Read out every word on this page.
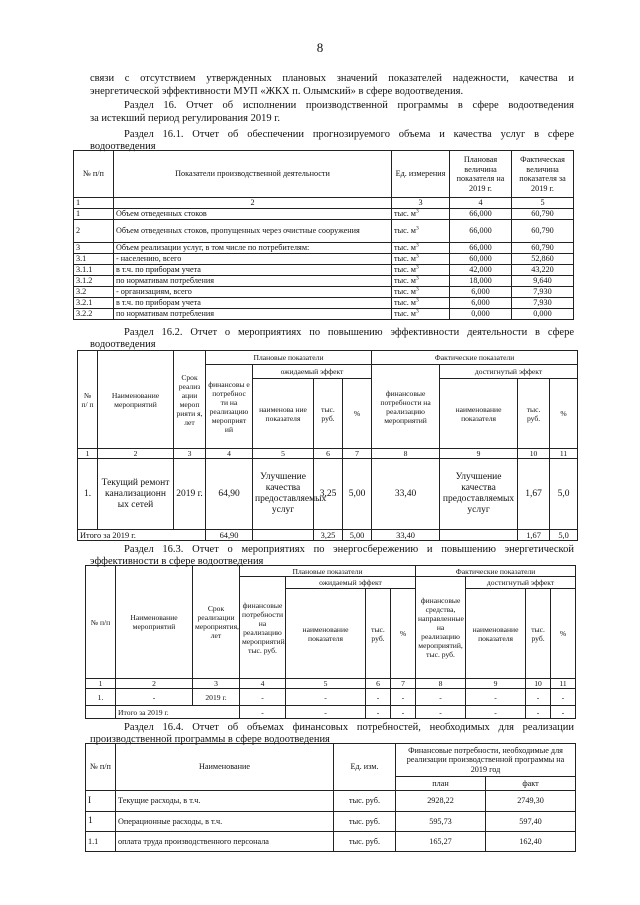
8
связи с отсутствием утвержденных плановых значений показателей надежности, качества и
энергетической эффективности МУП «ЖКХ п. Олымский» в сфере водоотведения.
Раздел 16. Отчет об исполнении производственной программы в сфере водоотведения
за истекший период регулирования 2019 г.
Раздел 16.1. Отчет об обеспечении прогнозируемого объема и качества услуг в сфере
водоотведения
№ п/п	Показатели производственной деятельности	Ед. измерения	Плановая величина показателя на 2019 г.	Фактическая величина показателя за 2019 г.
1	2	3	4	5
1	Объем отведенных стоков	тыс. $м^3$	66,000	60,790
2	Объем отведенных стоков, пропущенных через очистные сооружения	тыс. $м^3$	66,000	60,790
3	Объем реализации услуг, в том числе по потребителям:	тыс. $м^3$	66,000	60,790
3.1	- населению, всего	тыс. $м^3$	60,000	52,860
3.1.1	в т.ч. по приборам учета	тыс. $м^3$	42,000	43,220
3.1.2	по нормативам потребления	тыс. $м^3$	18,000	9,640
3.2	- организациям, всего	тыс. $м^3$	6,000	7,930
3.2.1	в т.ч. по приборам учета	тыс. $м^3$	6,000	7,930
3.2.2	по нормативам потребления	тыс. $м^3$	0,000	0,000
Раздел 16.2. Отчет о мероприятиях по повышению эффективности деятельности в сфере
водоотведения
№ п/ п	Наименование мероприятий	Срок реализ ации мероп рияти я, лет	Плановые показатели				Фактические показатели			
			финансовы е потребнос ти на реализацию мероприят ий	ожидаемый эффект			финансовые потребности на реализацию мероприятий	достигнутый эффект		
				наименова ние показателя	тыс. руб.	%		наименование показателя	тыс. руб.	%
1	2	3	4	5	6	7	8	9	10	11
1.	Текущий ремонт канализационн ых сетей	2019 г.	64,90	Улучшение качества предоставляемых услуг	3,25	5,00	33,40	Улучшение качества предоставляемых услуг	1,67	5,0
Итого за 2019 г.			64,90		3,25	5,00	33,40		1,67	5,0
Раздел 16.3. Отчет о мероприятиях по энергосбережению и повышению энергетической
эффективности в сфере водоотведения
№ п/п	Наименование мероприятий	Срок реализации мероприятия, лет	Плановые показатели				Фактические показатели			
			финансовые потребности на реализацию мероприятий, тыс. руб.	ожидаемый эффект			финансовые средства, направленные на реализацию мероприятий, тыс. руб.	достигнутый эффект		
				наименование показателя	тыс. руб.	%		наименование показателя	тыс. руб.	%
1	2	3	4	5	6	7	8	9	10	11
1.	-	2019 г.	-	-	-	-	-	-	-	-
	Итого за 2019 г.		-	-	-	-	-	-	-	-
Раздел 16.4. Отчет об объемах финансовых потребностей, необходимых для реализации
производственной программы в сфере водоотведения
№ п/п	Наименование	Ед. изм.	Финансовые потребности, необходимые для реализации производственной программы на 2019 год	
			план	факт
I	Текущие расходы, в т.ч.	тыс. руб.	2928,22	2749,30
1	Операционные расходы, в т.ч.	тыс. руб.	595,73	597,40
1.1	оплата труда производственного персонала	тыс. руб.	165,27	162,40
